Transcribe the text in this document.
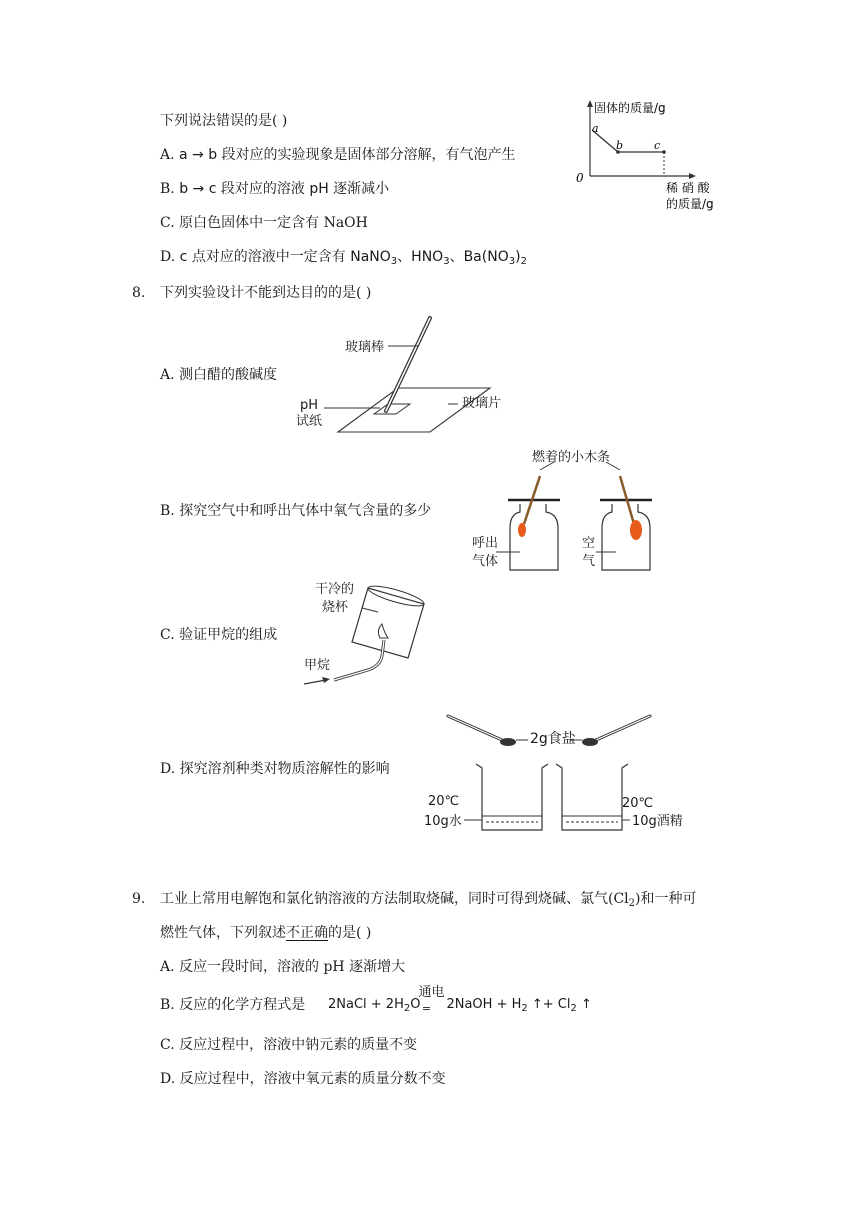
下列说法错误的是( )
A. a → b 段对应的实验现象是固体部分溶解，有气泡产生
B. b → c 段对应的溶液 pH 逐渐减小
C. 原白色固体中一定含有 NaOH
D. c 点对应的溶液中一定含有 NaNO$_3$、$HNO_3$、$Ba(NO_3)_2$
固体的质量/g
a
b	c
0
稀 硝 酸
的质量/g
8. 下列实验设计不能到达目的的是( )
A. 测白醋的酸碱度
玻璃棒
玻璃片
pH
试纸
B. 探究空气中和呼出气体中氧气含量的多少
燃着的小木条
呼出
气体
空
气
C. 验证甲烷的组成
干冷的
烧杯
甲烷
D. 探究溶剂种类对物质溶解性的影响
2g食盐
20℃	20℃
10g水	10g酒精
9. 工业上常用电解饱和氯化钠溶液的方法制取烧碱，同时可得到烧碱、氯气$(Cl_2)$和一种可
燃性气体，下列叙述不正确的是( )
A. 反应一段时间，溶液的 pH 逐渐增大
B. 反应的化学方程式是 2NaCl + $2H_2O$
通电
$_=$ 2NaOH + $H_2$ ↑+ $Cl_2$ ↑
C. 反应过程中，溶液中钠元素的质量不变
D. 反应过程中，溶液中氧元素的质量分数不变
